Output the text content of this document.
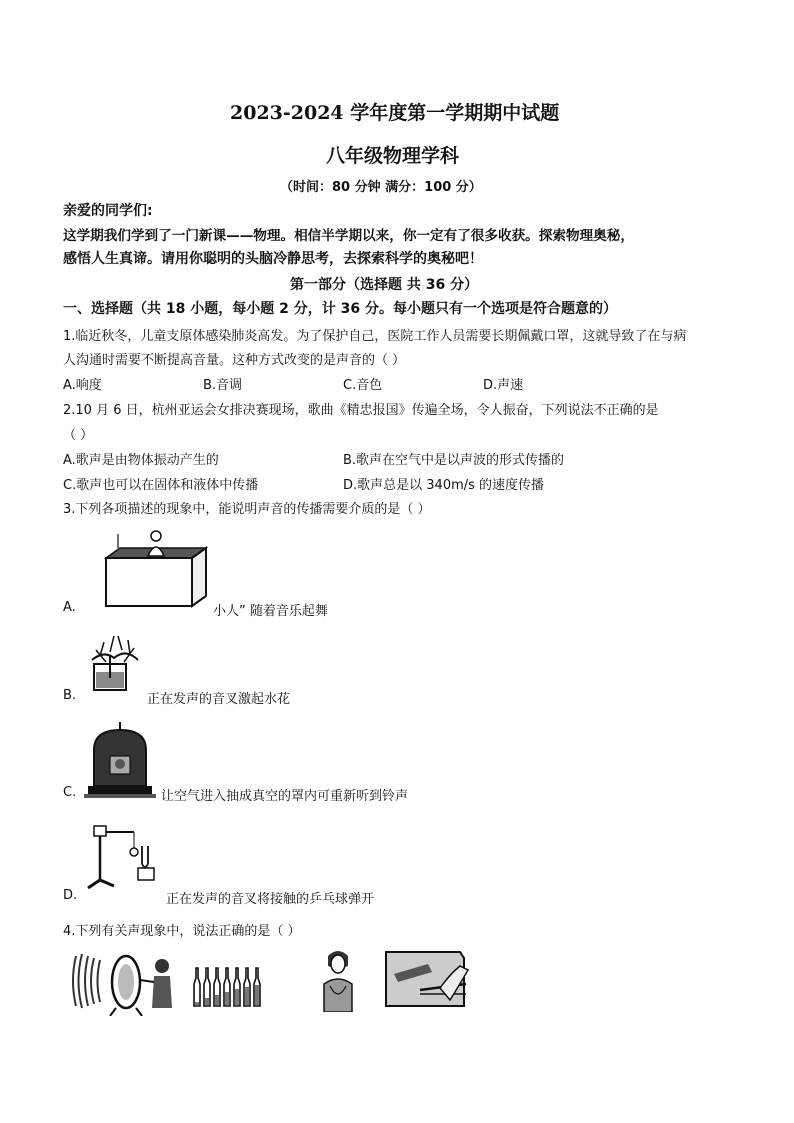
2023-2024 学年度第一学期期中试题
八年级物理学科
（时间：80 分钟 满分：100 分）
亲爱的同学们:
这学期我们学到了一门新课——物理。相信半学期以来，你一定有了很多收获。探索物理奥秘，
感悟人生真谛。请用你聪明的头脑冷静思考，去探索科学的奥秘吧！
第一部分（选择题 共 36 分）
一、选择题（共 18 小题，每小题 2 分，计 36 分。每小题只有一个选项是符合题意的）
1.临近秋冬，儿童支原体感染肺炎高发。为了保护自己，医院工作人员需要长期佩戴口罩，这就导致了在与病
人沟通时需要不断提高音量。这种方式改变的是声音的（ ）
A.响度	B.音调	C.音色	D.声速
2.10 月 6 日，杭州亚运会女排决赛现场，歌曲《精忠报国》传遍全场，令人振奋，下列说法不正确的是
（ ）
A.歌声是由物体振动产生的	B.歌声在空气中是以声波的形式传播的
C.歌声也可以在固体和液体中传播	D.歌声总是以 340m/s 的速度传播
3.下列各项描述的现象中，能说明声音的传播需要介质的是（ ）
A.	小人” 随着音乐起舞
B.	正在发声的音叉激起水花
C.	让空气进入抽成真空的罩内可重新听到铃声
D.	正在发声的音叉将接触的乒乓球弹开
4.下列有关声现象中，说法正确的是（ ）
